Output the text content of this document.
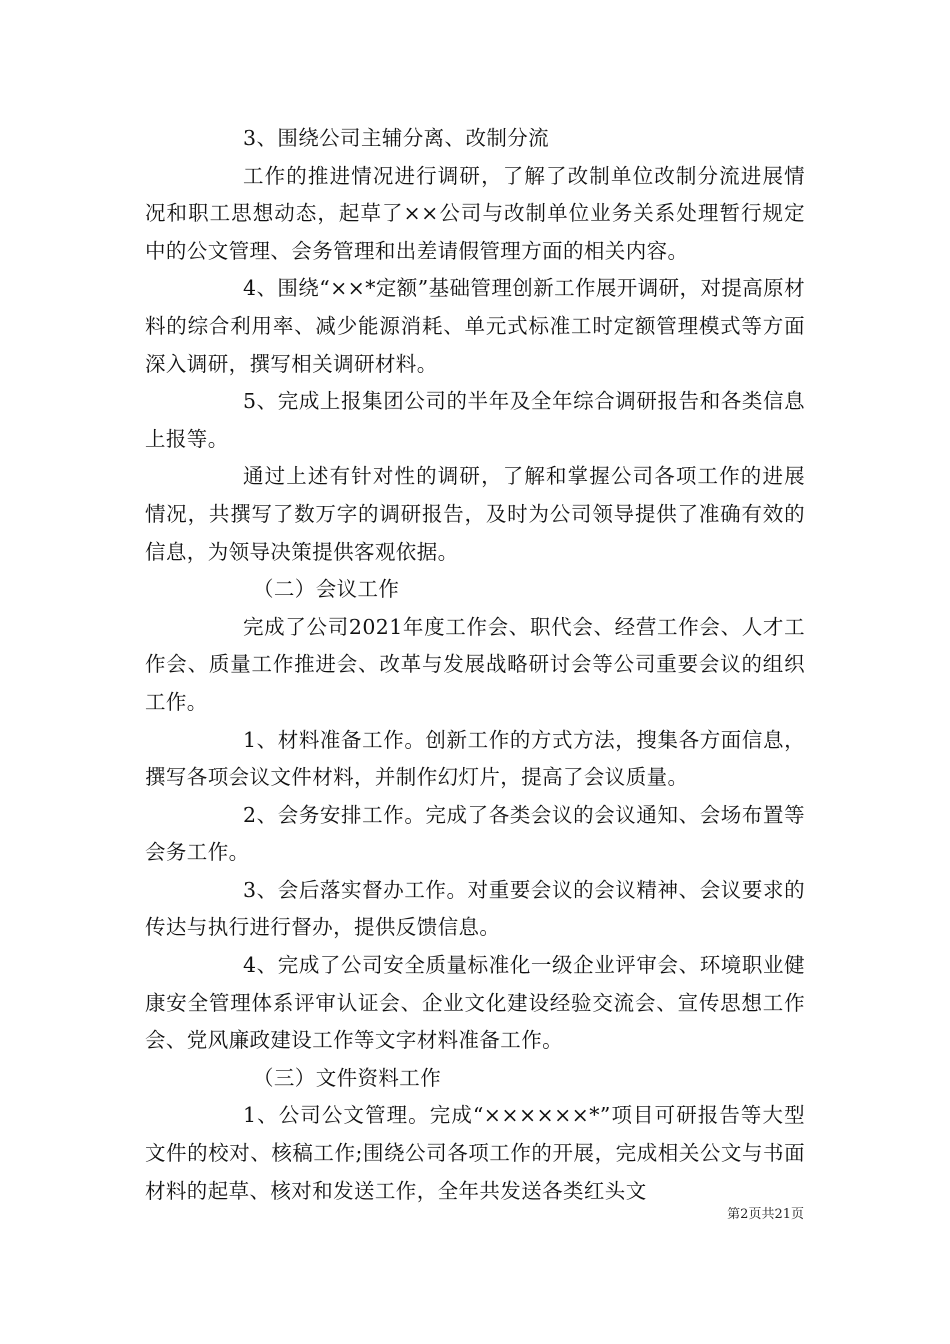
3、围绕公司主辅分离、改制分流

工作的推进情况进行调研，了解了改制单位改制分流进展情况和职工思想动态，起草了××公司与改制单位业务关系处理暂行规定中的公文管理、会务管理和出差请假管理方面的相关内容。

4、围绕“××*定额”基础管理创新工作展开调研，对提高原材料的综合利用率、减少能源消耗、单元式标准工时定额管理模式等方面深入调研，撰写相关调研材料。

5、完成上报集团公司的半年及全年综合调研报告和各类信息上报等。

通过上述有针对性的调研，了解和掌握公司各项工作的进展情况，共撰写了数万字的调研报告，及时为公司领导提供了准确有效的信息，为领导决策提供客观依据。

（二）会议工作

完成了公司2021年度工作会、职代会、经营工作会、人才工作会、质量工作推进会、改革与发展战略研讨会等公司重要会议的组织工作。

1、材料准备工作。创新工作的方式方法，搜集各方面信息，撰写各项会议文件材料，并制作幻灯片，提高了会议质量。

2、会务安排工作。完成了各类会议的会议通知、会场布置等会务工作。

3、会后落实督办工作。对重要会议的会议精神、会议要求的传达与执行进行督办，提供反馈信息。

4、完成了公司安全质量标准化一级企业评审会、环境职业健康安全管理体系评审认证会、企业文化建设经验交流会、宣传思想工作会、党风廉政建设工作等文字材料准备工作。

（三）文件资料工作

1、公司公文管理。完成“××××××*”项目可研报告等大型文件的校对、核稿工作;围绕公司各项工作的开展，完成相关公文与书面材料的起草、核对和发送工作，全年共发送各类红头文

第2页共21页
